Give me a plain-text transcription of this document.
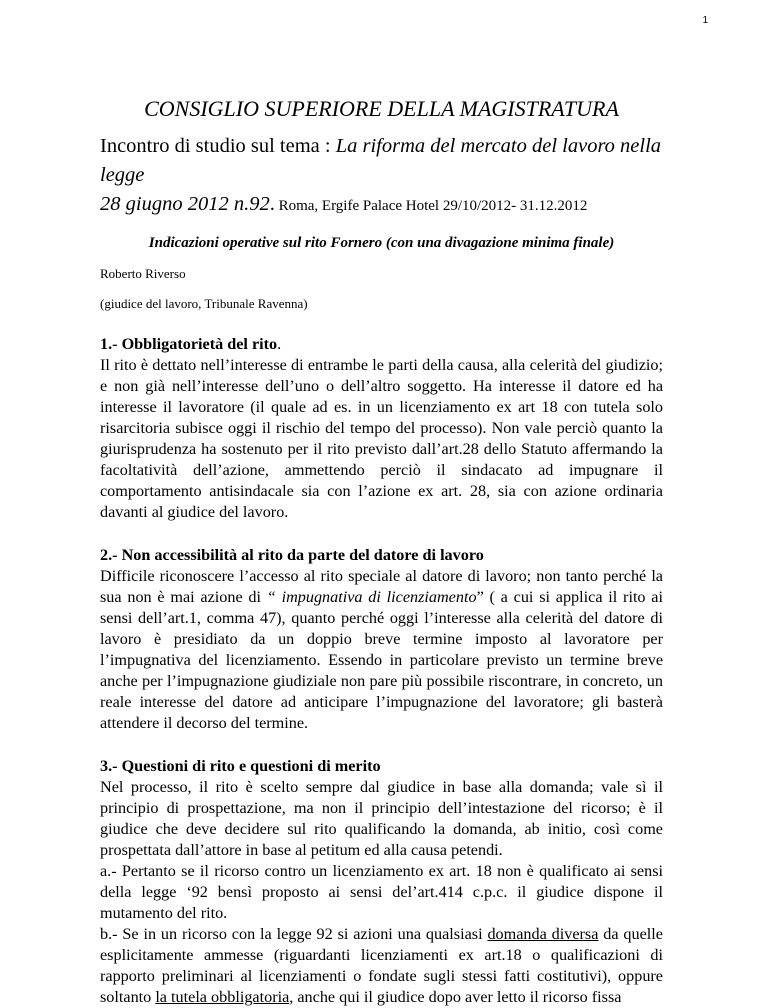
1
CONSIGLIO SUPERIORE DELLA MAGISTRATURA

Incontro di studio sul tema : La riforma del mercato del lavoro nella legge
28 giugno 2012 n.92. Roma, Ergife Palace Hotel 29/10/2012- 31.12.2012

Indicazioni operative sul rito Fornero (con una divagazione minima finale)

Roberto Riverso

(giudice del lavoro, Tribunale Ravenna)

1.- Obbligatorietà del rito.

Il rito è dettato nell’interesse di entrambe le parti della causa, alla celerità del giudizio; e non già nell’interesse dell’uno o dell’altro soggetto. Ha interesse il datore ed ha interesse il lavoratore (il quale ad es. in un licenziamento ex art 18 con tutela solo risarcitoria subisce oggi il rischio del tempo del processo). Non vale perciò quanto la giurisprudenza ha sostenuto per il rito previsto dall’art.28 dello Statuto affermando la facoltatività dell’azione, ammettendo perciò il sindacato ad impugnare il comportamento antisindacale sia con l’azione ex art. 28, sia con azione ordinaria davanti al giudice del lavoro.

2.- Non accessibilità al rito da parte del datore di lavoro

Difficile riconoscere l’accesso al rito speciale al datore di lavoro; non tanto perché la sua non è mai azione di “ impugnativa di licenziamento” ( a cui si applica il rito ai sensi dell’art.1, comma 47), quanto perché oggi l’interesse alla celerità del datore di lavoro è presidiato da un doppio breve termine imposto al lavoratore per l’impugnativa del licenziamento. Essendo in particolare previsto un termine breve anche per l’impugnazione giudiziale non pare più possibile riscontrare, in concreto, un reale interesse del datore ad anticipare l’impugnazione del lavoratore; gli basterà attendere il decorso del termine.

3.- Questioni di rito e questioni di merito

Nel processo, il rito è scelto sempre dal giudice in base alla domanda; vale sì il principio di prospettazione, ma non il principio dell’intestazione del ricorso; è il giudice che deve decidere sul rito qualificando la domanda, ab initio, così come prospettata dall’attore in base al petitum ed alla causa petendi.

a.- Pertanto se il ricorso contro un licenziamento ex art. 18 non è qualificato ai sensi della legge ‘92 bensì proposto ai sensi del’art.414 c.p.c. il giudice dispone il mutamento del rito.

b.- Se in un ricorso con la legge 92 si azioni una qualsiasi domanda diversa da quelle esplicitamente ammesse (riguardanti licenziamenti ex art.18 o qualificazioni di rapporto preliminari al licenziamenti o fondate sugli stessi fatti costitutivi), oppure soltanto la tutela obbligatoria, anche qui il giudice dopo aver letto il ricorso fissa
